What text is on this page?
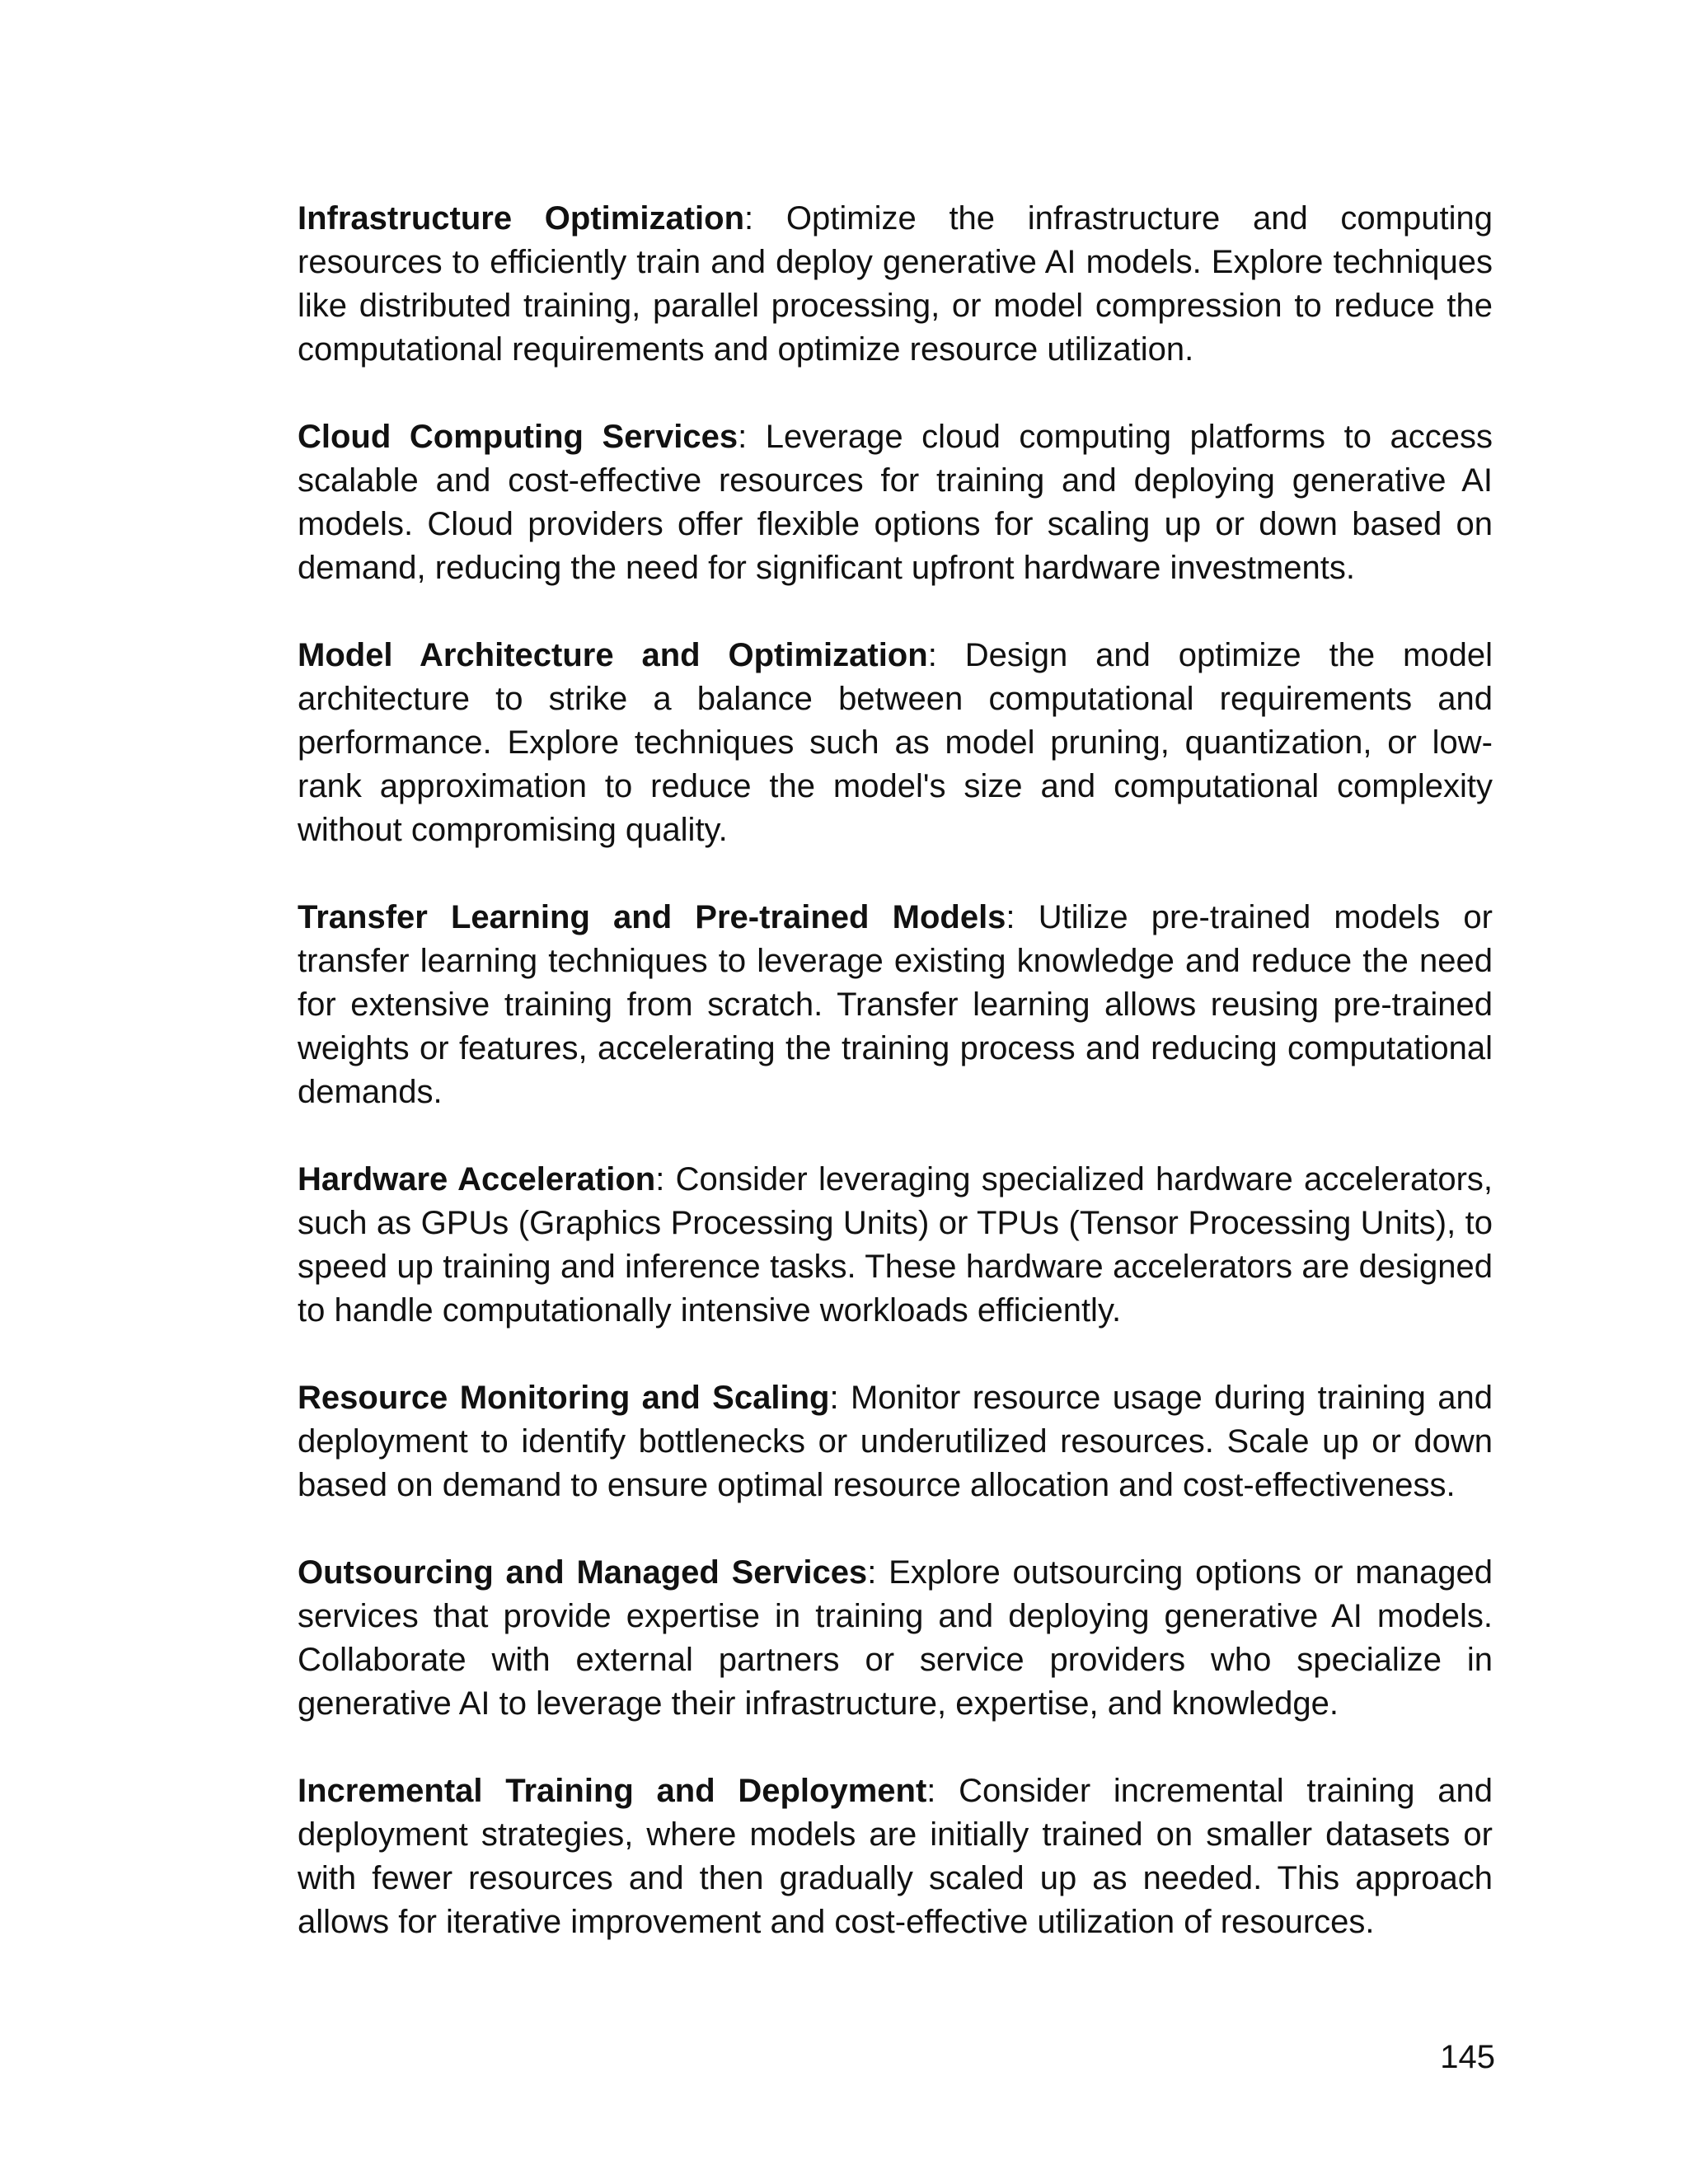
Infrastructure Optimization: Optimize the infrastructure and computing resources to efficiently train and deploy generative AI models. Explore techniques like distributed training, parallel processing, or model compression to reduce the computational requirements and optimize resource utilization.

Cloud Computing Services: Leverage cloud computing platforms to access scalable and cost-effective resources for training and deploying generative AI models. Cloud providers offer flexible options for scaling up or down based on demand, reducing the need for significant upfront hardware investments.

Model Architecture and Optimization: Design and optimize the model architecture to strike a balance between computational requirements and performance. Explore techniques such as model pruning, quantization, or low-rank approximation to reduce the model's size and computational complexity without compromising quality.

Transfer Learning and Pre-trained Models: Utilize pre-trained models or transfer learning techniques to leverage existing knowledge and reduce the need for extensive training from scratch. Transfer learning allows reusing pre-trained weights or features, accelerating the training process and reducing computational demands.

Hardware Acceleration: Consider leveraging specialized hardware accelerators, such as GPUs (Graphics Processing Units) or TPUs (Tensor Processing Units), to speed up training and inference tasks. These hardware accelerators are designed to handle computationally intensive workloads efficiently.

Resource Monitoring and Scaling: Monitor resource usage during training and deployment to identify bottlenecks or underutilized resources. Scale up or down based on demand to ensure optimal resource allocation and cost-effectiveness.

Outsourcing and Managed Services: Explore outsourcing options or managed services that provide expertise in training and deploying generative AI models. Collaborate with external partners or service providers who specialize in generative AI to leverage their infrastructure, expertise, and knowledge.

Incremental Training and Deployment: Consider incremental training and deployment strategies, where models are initially trained on smaller datasets or with fewer resources and then gradually scaled up as needed. This approach allows for iterative improvement and cost-effective utilization of resources.

145
